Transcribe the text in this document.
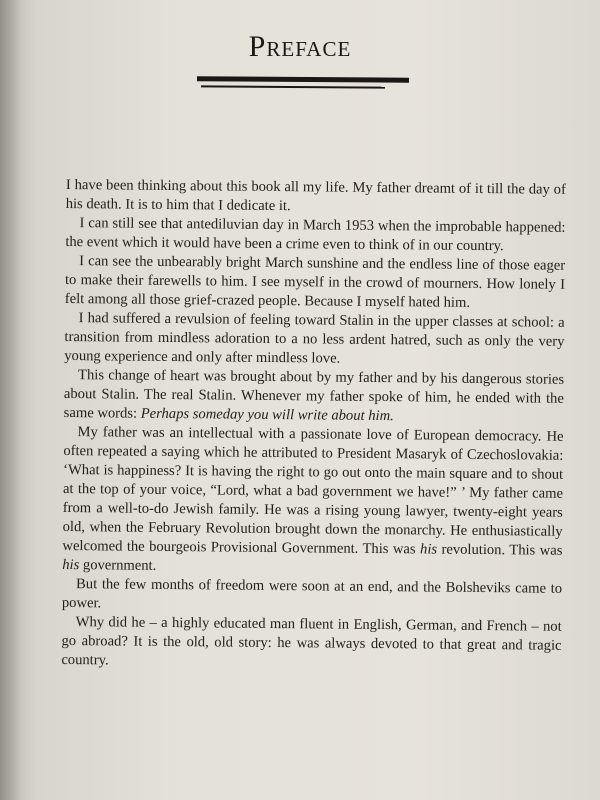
Preface

I have been thinking about this book all my life. My father dreamt of it till the day of his death. It is to him that I dedicate it.

I can still see that antediluvian day in March 1953 when the improbable happened: the event which it would have been a crime even to think of in our country.

I can see the unbearably bright March sunshine and the endless line of those eager to make their farewells to him. I see myself in the crowd of mourners. How lonely I felt among all those grief-crazed people. Because I myself hated him.

I had suffered a revulsion of feeling toward Stalin in the upper classes at school: a transition from mindless adoration to a no less ardent hatred, such as only the very young experience and only after mindless love.

This change of heart was brought about by my father and by his dangerous stories about Stalin. The real Stalin. Whenever my father spoke of him, he ended with the same words: Perhaps someday you will write about him.

My father was an intellectual with a passionate love of European democracy. He often repeated a saying which he attributed to President Masaryk of Czechoslovakia: ‘What is happiness? It is having the right to go out onto the main square and to shout at the top of your voice, “Lord, what a bad government we have!” ’ My father came from a well-to-do Jewish family. He was a rising young lawyer, twenty-eight years old, when the February Revolution brought down the monarchy. He enthusiastically welcomed the bourgeois Provisional Government. This was his revolution. This was his government.

But the few months of freedom were soon at an end, and the Bolsheviks came to power.

Why did he – a highly educated man fluent in English, German, and French – not go abroad? It is the old, old story: he was always devoted to that great and tragic country.
